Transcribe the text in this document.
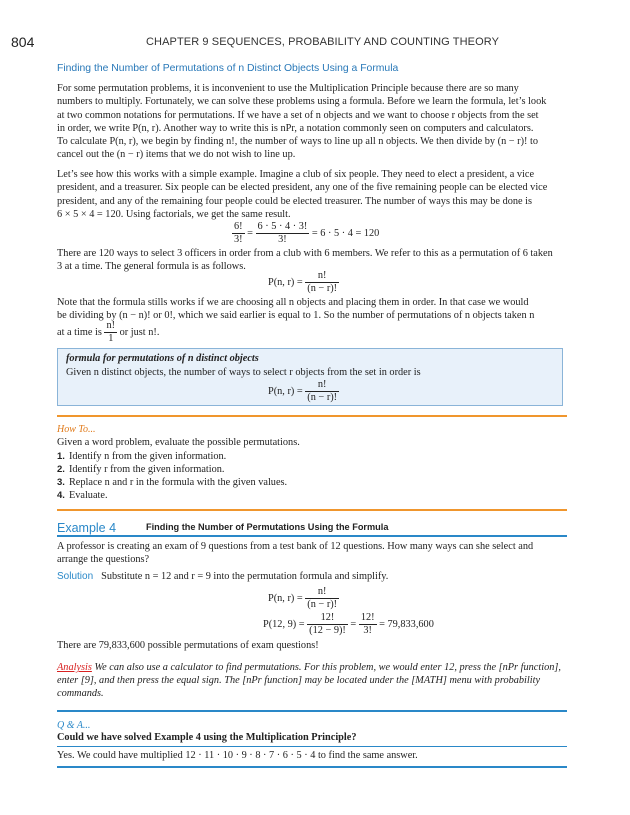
804	CHAPTER 9 SEQUENCES, PROBABILITY AND COUNTING THEORY
Finding the Number of Permutations of n Distinct Objects Using a Formula

For some permutation problems, it is inconvenient to use the Multiplication Principle because there are so many

numbers to multiply. Fortunately, we can solve these problems using a formula. Before we learn the formula, let’s look

at two common notations for permutations. If we have a set of n objects and we want to choose r objects from the set

in order, we write P(n, r). Another way to write this is nPr, a notation commonly seen on computers and calculators.

To calculate P(n, r), we begin by finding n!, the number of ways to line up all n objects. We then divide by (n − r)! to

cancel out the (n − r) items that we do not wish to line up.

Let’s see how this works with a simple example. Imagine a club of six people. They need to elect a president, a vice

president, and a treasurer. Six people can be elected president, any one of the five remaining people can be elected vice

president, and any of the remaining four people could be elected treasurer. The number of ways this may be done is

6 × 5 × 4 = 120. Using factorials, we get the same result.

$\frac{6!}{3!} = \frac{6 \cdot 5 \cdot 4 \cdot 3!}{3!} = 6 \cdot 5 \cdot 4 = 120$

There are 120 ways to select 3 officers in order from a club with 6 members. We refer to this as a permutation of 6 taken

3 at a time. The general formula is as follows.

P(n, $r) = \frac{n!}{(n - r)!}$

Note that the formula stills works if we are choosing all n objects and placing them in order. In that case we would

be dividing by (n − n)! or 0!, which we said earlier is equal to 1. So the number of permutations of n objects taken n

at a time is $\frac{n!}{1}$ or just n!.
formula for permutations of n distinct objects
Given n distinct objects, the number of ways to select r objects from the set in order is
P(n, $r) = \frac{n!}{(n - r)!}$
How To...
Given a word problem, evaluate the possible permutations.
1. Identify n from the given information.
2. Identify r from the given information.
3. Replace n and r in the formula with the given values.
4. Evaluate.
Example 4	Finding the Number of Permutations Using the Formula
A professor is creating an exam of 9 questions from a test bank of 12 questions. How many ways can she select and
arrange the questions?
Solution Substitute n = 12 and r = 9 into the permutation formula and simplify.
P(n, $r) = \frac{n!}{(n - r)!}$
P(12, $9) = \frac{12!}{(12 - 9)!} = \frac{12!}{3!} = 79,833,600$
There are 79,833,600 possible permutations of exam questions!
Analysis We can also use a calculator to find permutations. For this problem, we would enter 12, press the [nPr function],
enter [9], and then press the equal sign. The [nPr function] may be located under the [MATH] menu with probability
commands.
Q & A...
Could we have solved Example 4 using the Multiplication Principle?
Yes. We could have multiplied 12 · 11 · 10 · 9 · 8 · 7 · 6 · 5 · 4 to find the same answer.
